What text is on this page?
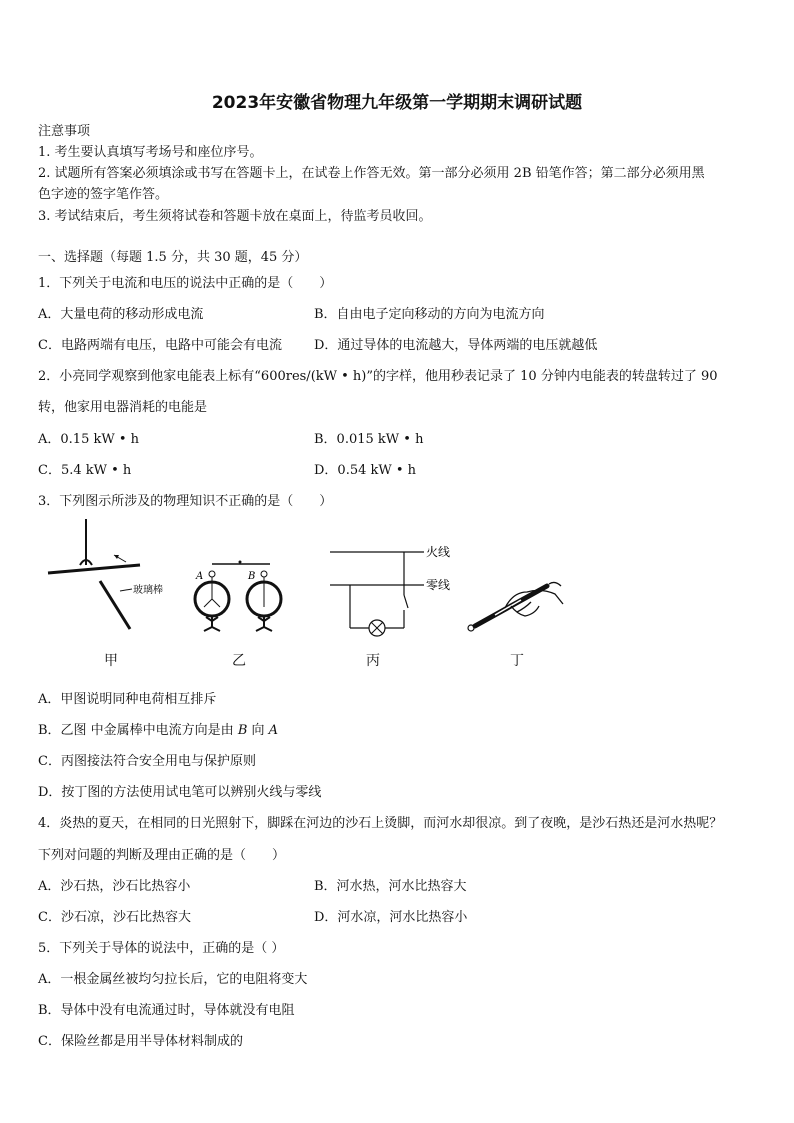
2023年安徽省物理九年级第一学期期末调研试题
注意事项
1. 考生要认真填写考场号和座位序号。
2. 试题所有答案必须填涂或书写在答题卡上，在试卷上作答无效。第一部分必须用 2B 铅笔作答；第二部分必须用黑
色字迹的签字笔作答。
3. 考试结束后，考生须将试卷和答题卡放在桌面上，待监考员收回。
一、选择题（每题 1.5 分，共 30 题，45 分）
1．下列关于电流和电压的说法中正确的是（　　）
A．大量电荷的移动形成电流	B．自由电子定向移动的方向为电流方向
C．电路两端有电压，电路中可能会有电流 D．通过导体的电流越大，导体两端的电压就越低
2．小亮同学观察到他家电能表上标有“600res/(kW • h)”的字样，他用秒表记录了 10 分钟内电能表的转盘转过了 90
转，他家用电器消耗的电能是
A．0.15 kW • h	B．0.015 kW • h
C．5.4 kW • h	D．0.54 kW • h
3．下列图示所涉及的物理知识不正确的是（　　）
玻璃棒
A	B
火线
零线
甲	乙	丙	丁
A．甲图说明同种电荷相互排斥
B．乙图 中金属棒中电流方向是由 B 向 A
C．丙图接法符合安全用电与保护原则
D．按丁图的方法使用试电笔可以辨别火线与零线
4．炎热的夏天，在相同的日光照射下，脚踩在河边的沙石上烫脚，而河水却很凉。到了夜晚，是沙石热还是河水热呢？
下列对问题的判断及理由正确的是（　　）
A．沙石热，沙石比热容小	B．河水热，河水比热容大
C．沙石凉，沙石比热容大	D．河水凉，河水比热容小
5．下列关于导体的说法中，正确的是（ ）
A．一根金属丝被均匀拉长后，它的电阻将变大
B．导体中没有电流通过时，导体就没有电阻
C．保险丝都是用半导体材料制成的
